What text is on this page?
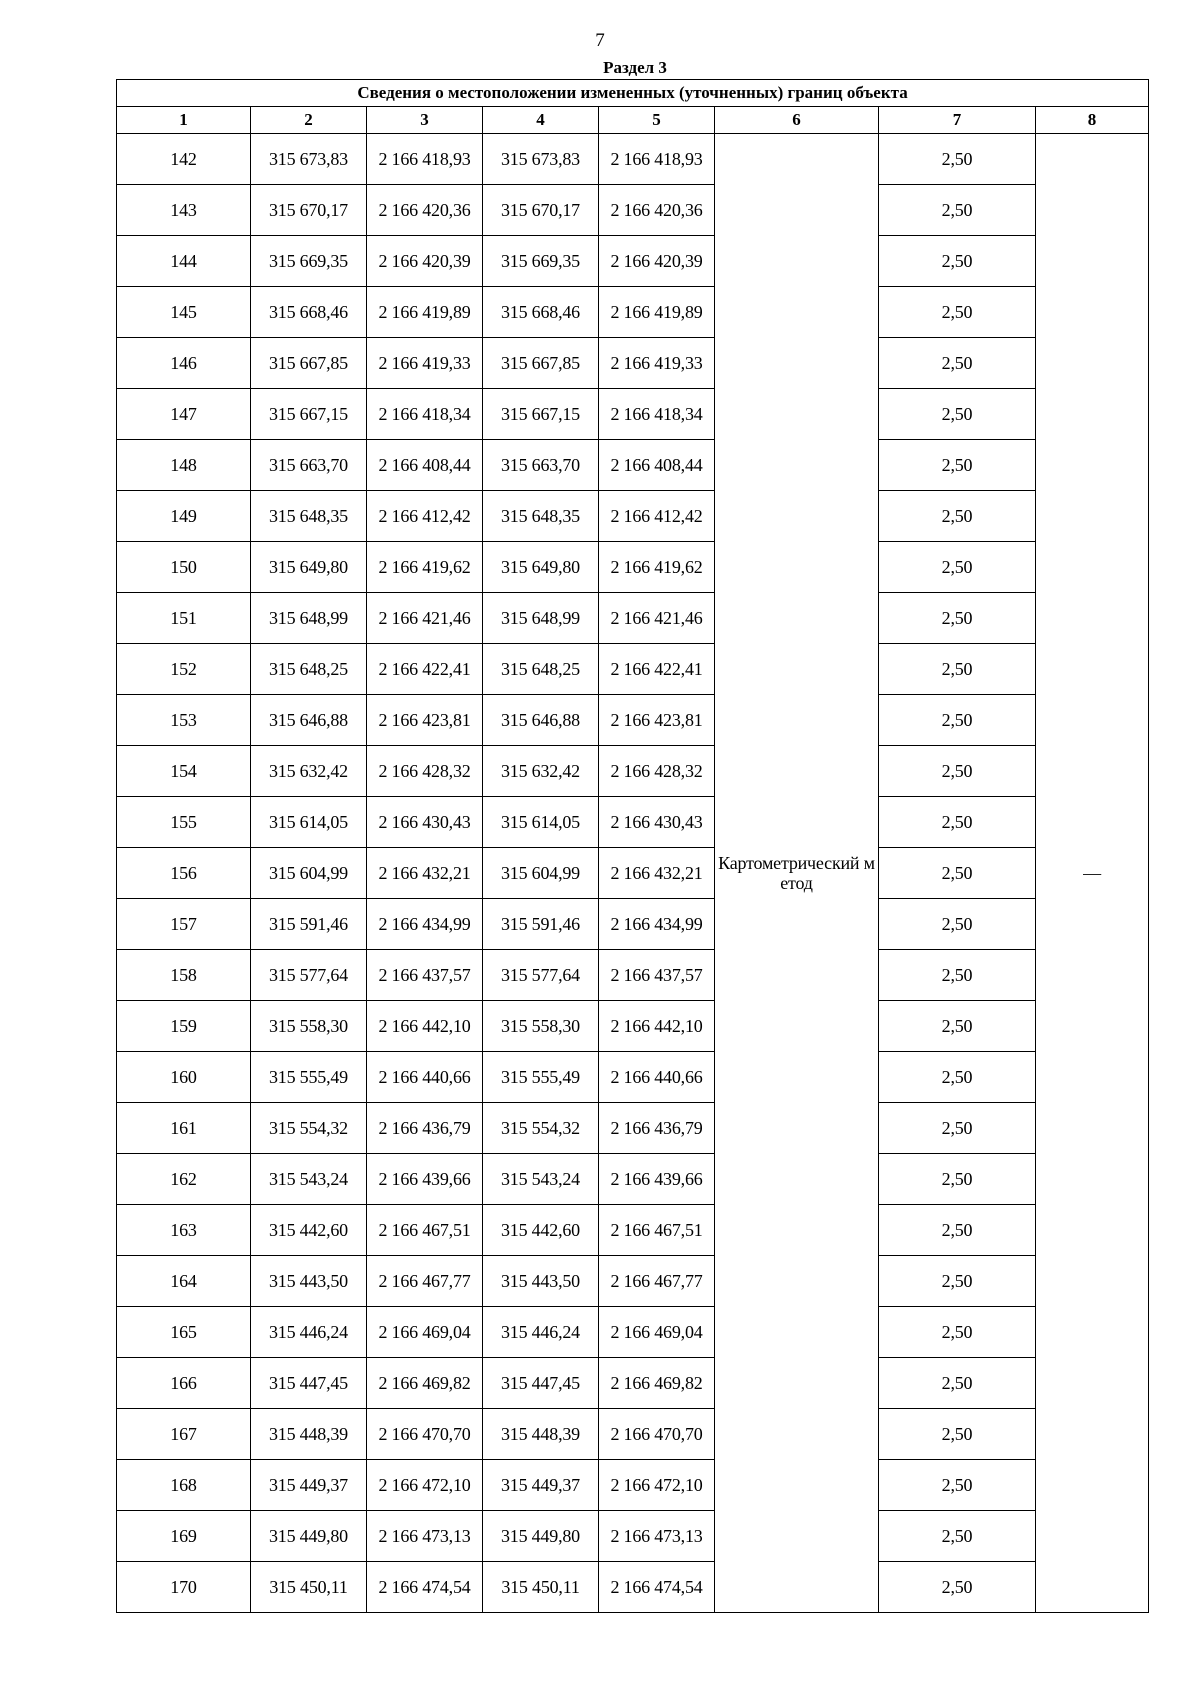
7
Раздел 3
Сведения о местоположении измененных (уточненных) границ объекта							
1	2	3	4	5	6	7	8
142	315 673,83	2 166 418,93	315 673,83	2 166 418,93	Картометрический метод	2,50	—
143	315 670,17	2 166 420,36	315 670,17	2 166 420,36		2,50	
144	315 669,35	2 166 420,39	315 669,35	2 166 420,39		2,50	
145	315 668,46	2 166 419,89	315 668,46	2 166 419,89		2,50	
146	315 667,85	2 166 419,33	315 667,85	2 166 419,33		2,50	
147	315 667,15	2 166 418,34	315 667,15	2 166 418,34		2,50	
148	315 663,70	2 166 408,44	315 663,70	2 166 408,44		2,50	
149	315 648,35	2 166 412,42	315 648,35	2 166 412,42		2,50	
150	315 649,80	2 166 419,62	315 649,80	2 166 419,62		2,50	
151	315 648,99	2 166 421,46	315 648,99	2 166 421,46		2,50	
152	315 648,25	2 166 422,41	315 648,25	2 166 422,41		2,50	
153	315 646,88	2 166 423,81	315 646,88	2 166 423,81		2,50	
154	315 632,42	2 166 428,32	315 632,42	2 166 428,32		2,50	
155	315 614,05	2 166 430,43	315 614,05	2 166 430,43		2,50	
156	315 604,99	2 166 432,21	315 604,99	2 166 432,21		2,50	
157	315 591,46	2 166 434,99	315 591,46	2 166 434,99		2,50	
158	315 577,64	2 166 437,57	315 577,64	2 166 437,57		2,50	
159	315 558,30	2 166 442,10	315 558,30	2 166 442,10		2,50	
160	315 555,49	2 166 440,66	315 555,49	2 166 440,66		2,50	
161	315 554,32	2 166 436,79	315 554,32	2 166 436,79		2,50	
162	315 543,24	2 166 439,66	315 543,24	2 166 439,66		2,50	
163	315 442,60	2 166 467,51	315 442,60	2 166 467,51		2,50	
164	315 443,50	2 166 467,77	315 443,50	2 166 467,77		2,50	
165	315 446,24	2 166 469,04	315 446,24	2 166 469,04		2,50	
166	315 447,45	2 166 469,82	315 447,45	2 166 469,82		2,50	
167	315 448,39	2 166 470,70	315 448,39	2 166 470,70		2,50	
168	315 449,37	2 166 472,10	315 449,37	2 166 472,10		2,50	
169	315 449,80	2 166 473,13	315 449,80	2 166 473,13		2,50	
170	315 450,11	2 166 474,54	315 450,11	2 166 474,54		2,50	
